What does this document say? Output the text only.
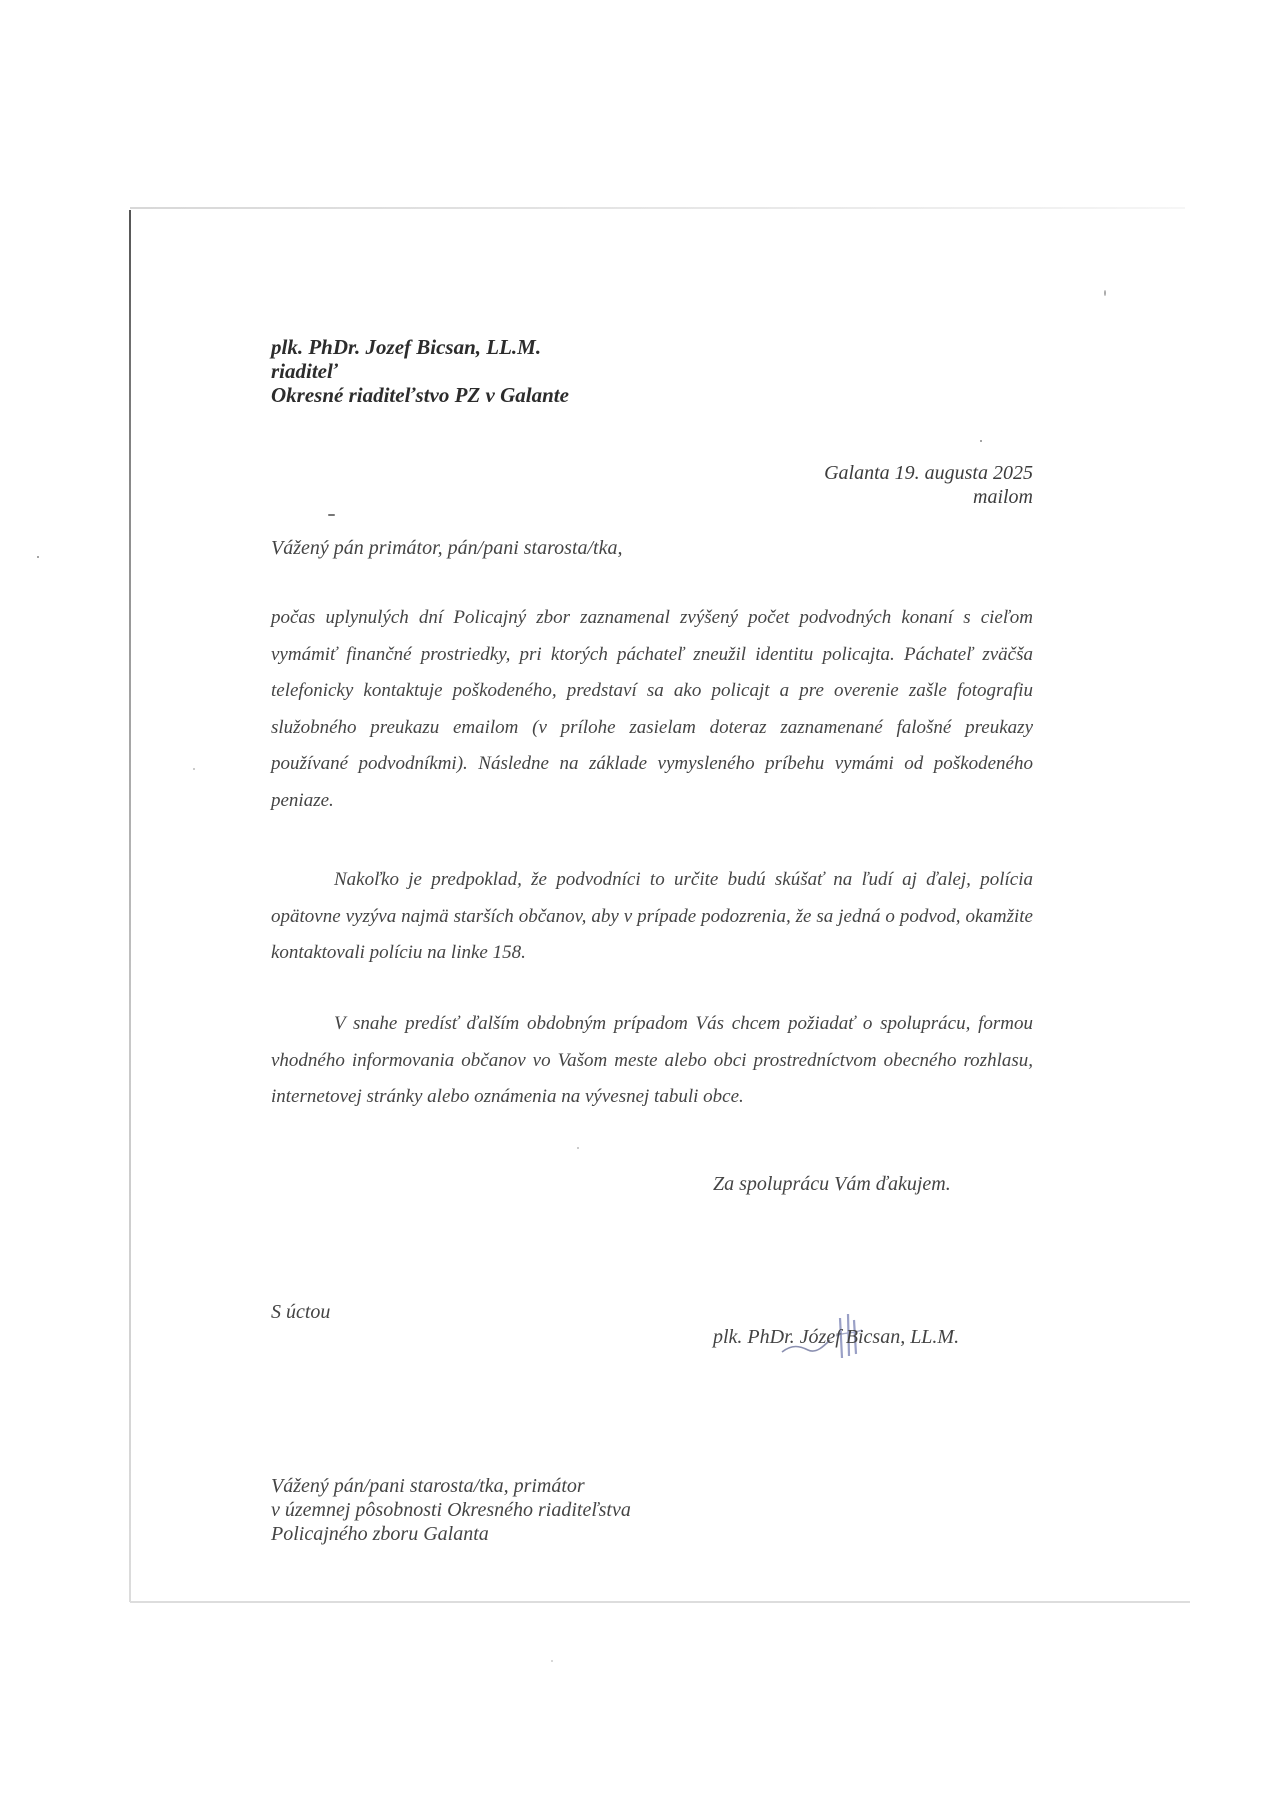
plk. PhDr. Jozef Bicsan, LL.M.
riaditeľ
Okresné riaditeľstvo PZ v Galante
Galanta 19. augusta 2025
mailom
Vážený pán primátor, pán/pani starosta/tka,

počas uplynulých dní Policajný zbor zaznamenal zvýšený počet podvodných konaní s cieľom vymámiť finančné prostriedky, pri ktorých páchateľ zneužil identitu policajta. Páchateľ zväčša telefonicky kontaktuje poškodeného, predstaví sa ako policajt a pre overenie zašle fotografiu služobného preukazu emailom (v prílohe zasielam doteraz zaznamenané falošné preukazy používané podvodníkmi). Následne na základe vymysleného príbehu vymámi od poškodeného peniaze.

Nakoľko je predpoklad, že podvodníci to určite budú skúšať na ľudí aj ďalej, polícia opätovne vyzýva najmä starších občanov, aby v prípade podozrenia, že sa jedná o podvod, okamžite kontaktovali políciu na linke 158.

V snahe predísť ďalším obdobným prípadom Vás chcem požiadať o spoluprácu, formou vhodného informovania občanov vo Vašom meste alebo obci prostredníctvom obecného rozhlasu, internetovej stránky alebo oznámenia na vývesnej tabuli obce.

Za spoluprácu Vám ďakujem.
S úctou
plk. PhDr. Józef Bicsan, LL.M.
Vážený pán/pani starosta/tka, primátor
v územnej pôsobnosti Okresného riaditeľstva
Policajného zboru Galanta
